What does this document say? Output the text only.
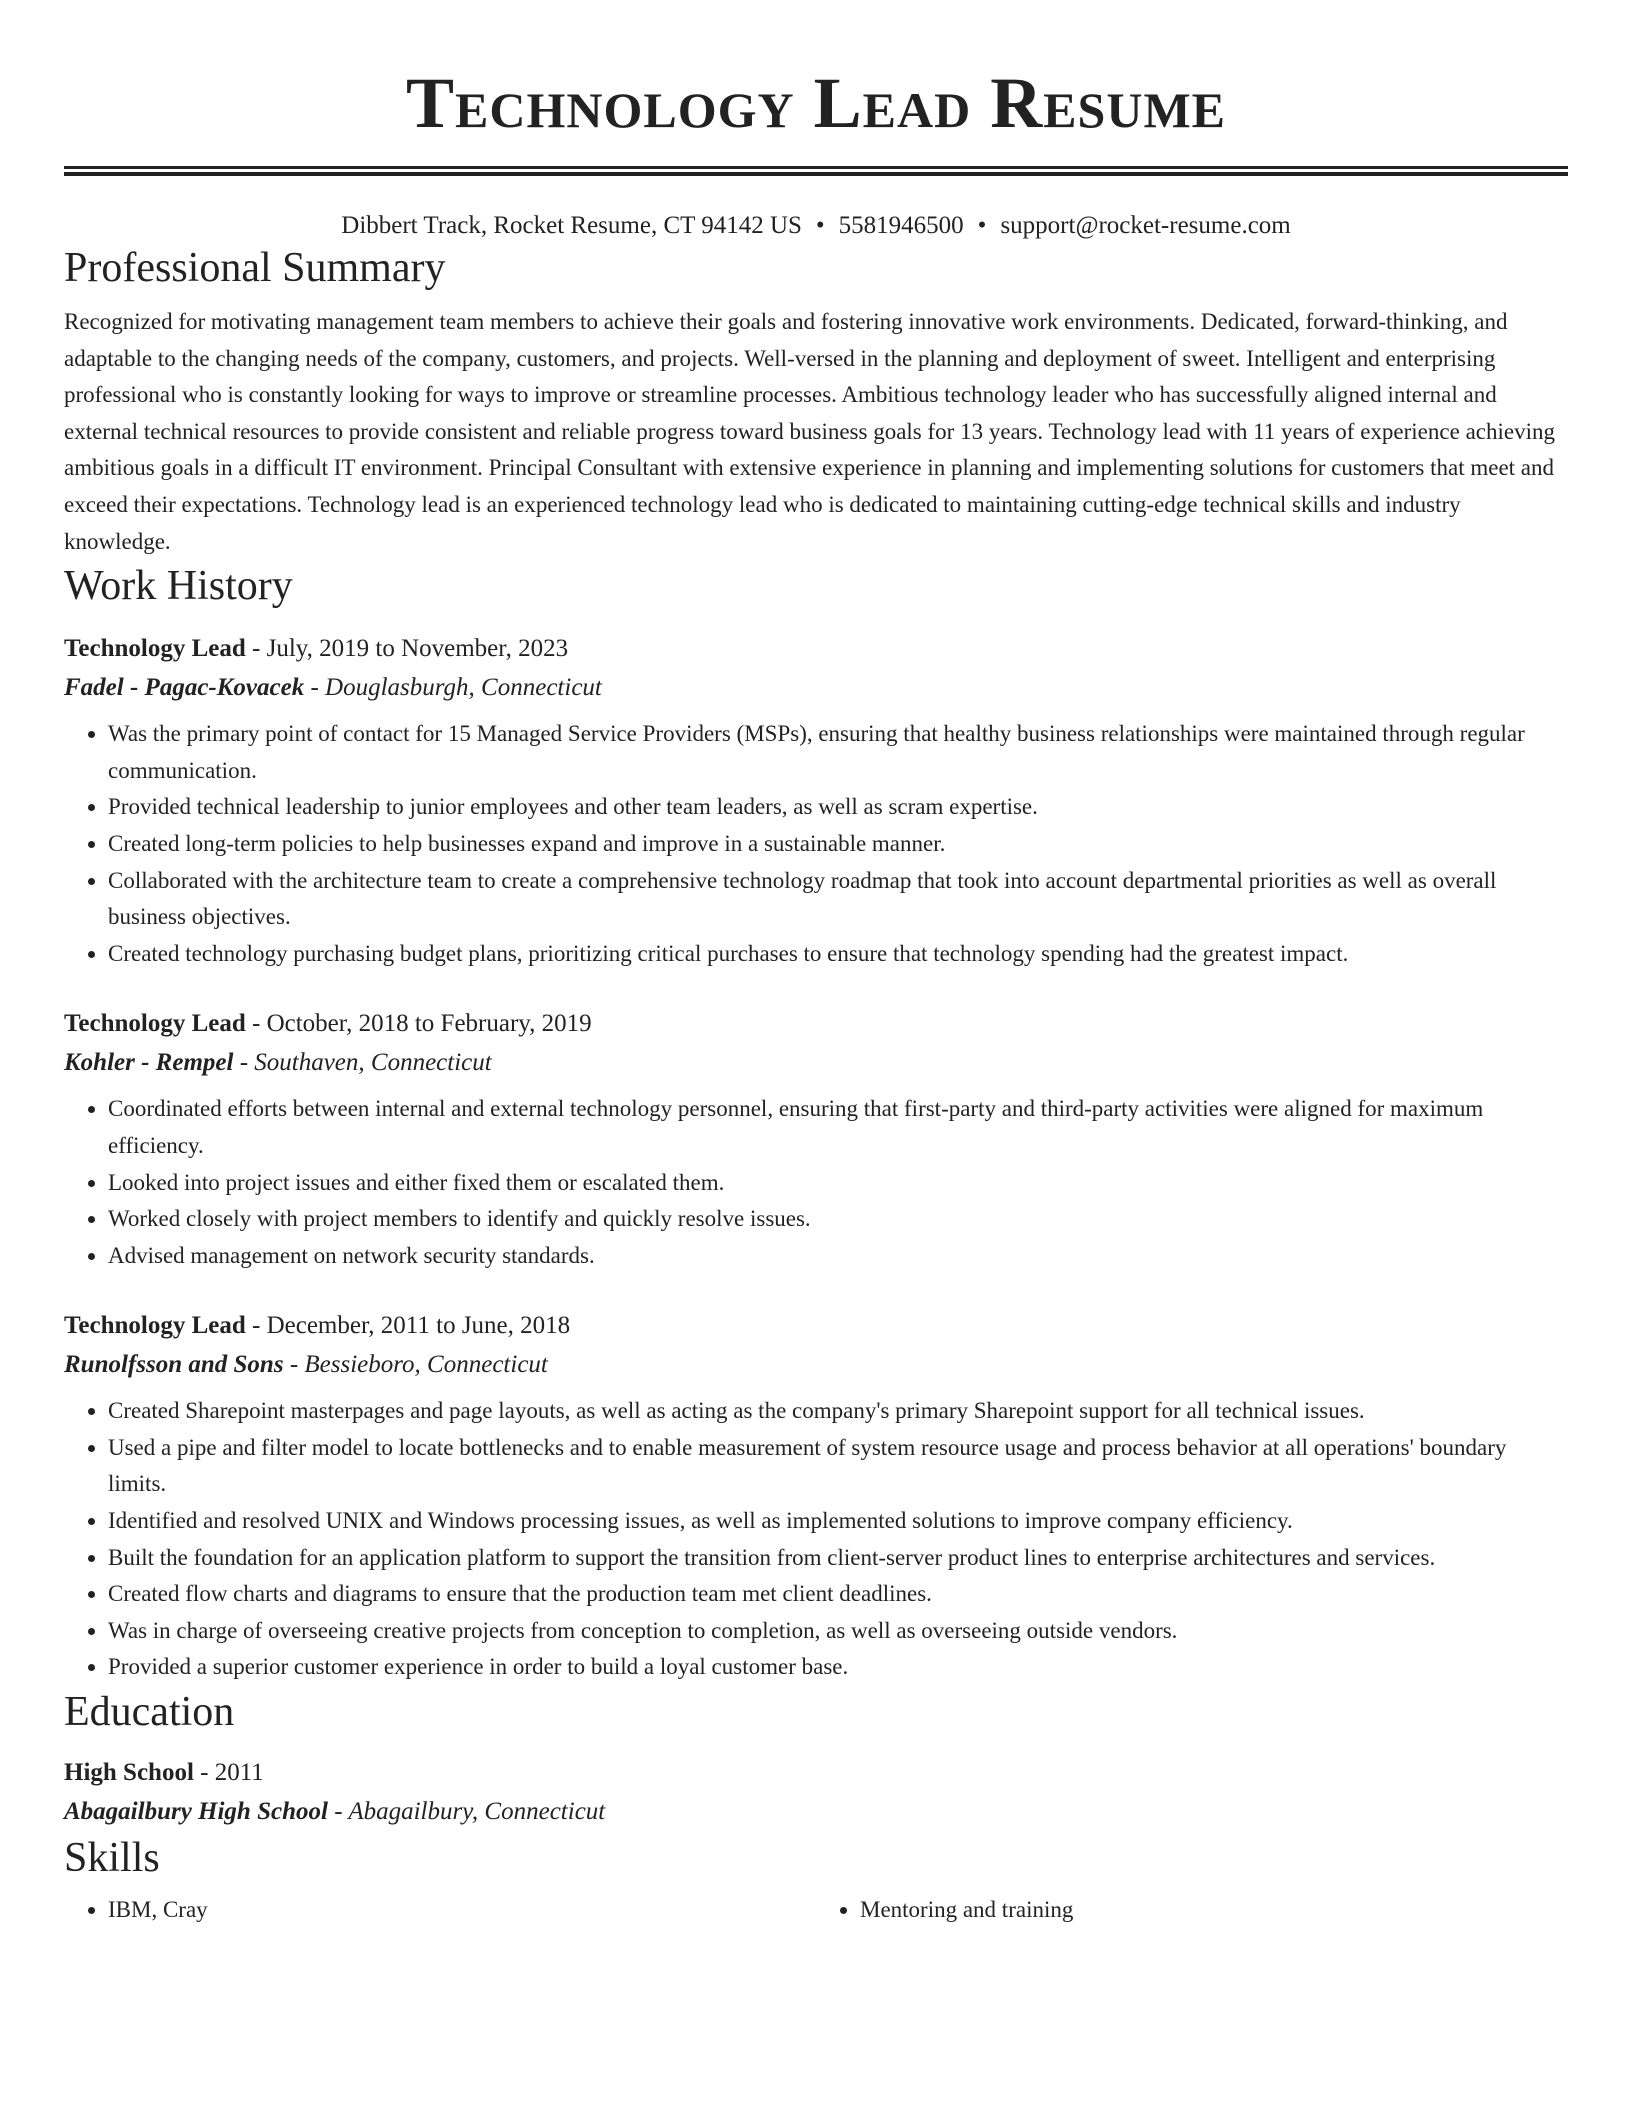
Technology Lead Resume
Dibbert Track, Rocket Resume, CT 94142 US • 5581946500 • support@rocket-resume.com
Professional Summary

Recognized for motivating management team members to achieve their goals and fostering innovative work environments. Dedicated, forward-thinking, and adaptable to the changing needs of the company, customers, and projects. Well-versed in the planning and deployment of sweet. Intelligent and enterprising professional who is constantly looking for ways to improve or streamline processes. Ambitious technology leader who has successfully aligned internal and external technical resources to provide consistent and reliable progress toward business goals for 13 years. Technology lead with 11 years of experience achieving ambitious goals in a difficult IT environment. Principal Consultant with extensive experience in planning and implementing solutions for customers that meet and exceed their expectations. Technology lead is an experienced technology lead who is dedicated to maintaining cutting-edge technical skills and industry knowledge.

Work History
Technology Lead - July, 2019 to November, 2023
Fadel - Pagac-Kovacek - Douglasburgh, Connecticut
• Was the primary point of contact for 15 Managed Service Providers (MSPs), ensuring that healthy business relationships were maintained through regular communication.
• Provided technical leadership to junior employees and other team leaders, as well as scram expertise.
• Created long-term policies to help businesses expand and improve in a sustainable manner.
• Collaborated with the architecture team to create a comprehensive technology roadmap that took into account departmental priorities as well as overall business objectives.
• Created technology purchasing budget plans, prioritizing critical purchases to ensure that technology spending had the greatest impact.
Technology Lead - October, 2018 to February, 2019
Kohler - Rempel - Southaven, Connecticut
• Coordinated efforts between internal and external technology personnel, ensuring that first-party and third-party activities were aligned for maximum efficiency.
• Looked into project issues and either fixed them or escalated them.
• Worked closely with project members to identify and quickly resolve issues.
• Advised management on network security standards.
Technology Lead - December, 2011 to June, 2018
Runolfsson and Sons - Bessieboro, Connecticut
• Created Sharepoint masterpages and page layouts, as well as acting as the company's primary Sharepoint support for all technical issues.
• Used a pipe and filter model to locate bottlenecks and to enable measurement of system resource usage and process behavior at all operations' boundary limits.
• Identified and resolved UNIX and Windows processing issues, as well as implemented solutions to improve company efficiency.
• Built the foundation for an application platform to support the transition from client-server product lines to enterprise architectures and services.
• Created flow charts and diagrams to ensure that the production team met client deadlines.
• Was in charge of overseeing creative projects from conception to completion, as well as overseeing outside vendors.
• Provided a superior customer experience in order to build a loyal customer base.
Education
High School - 2011
Abagailbury High School - Abagailbury, Connecticut
Skills
• IBM, Cray
•	Mentoring and training
